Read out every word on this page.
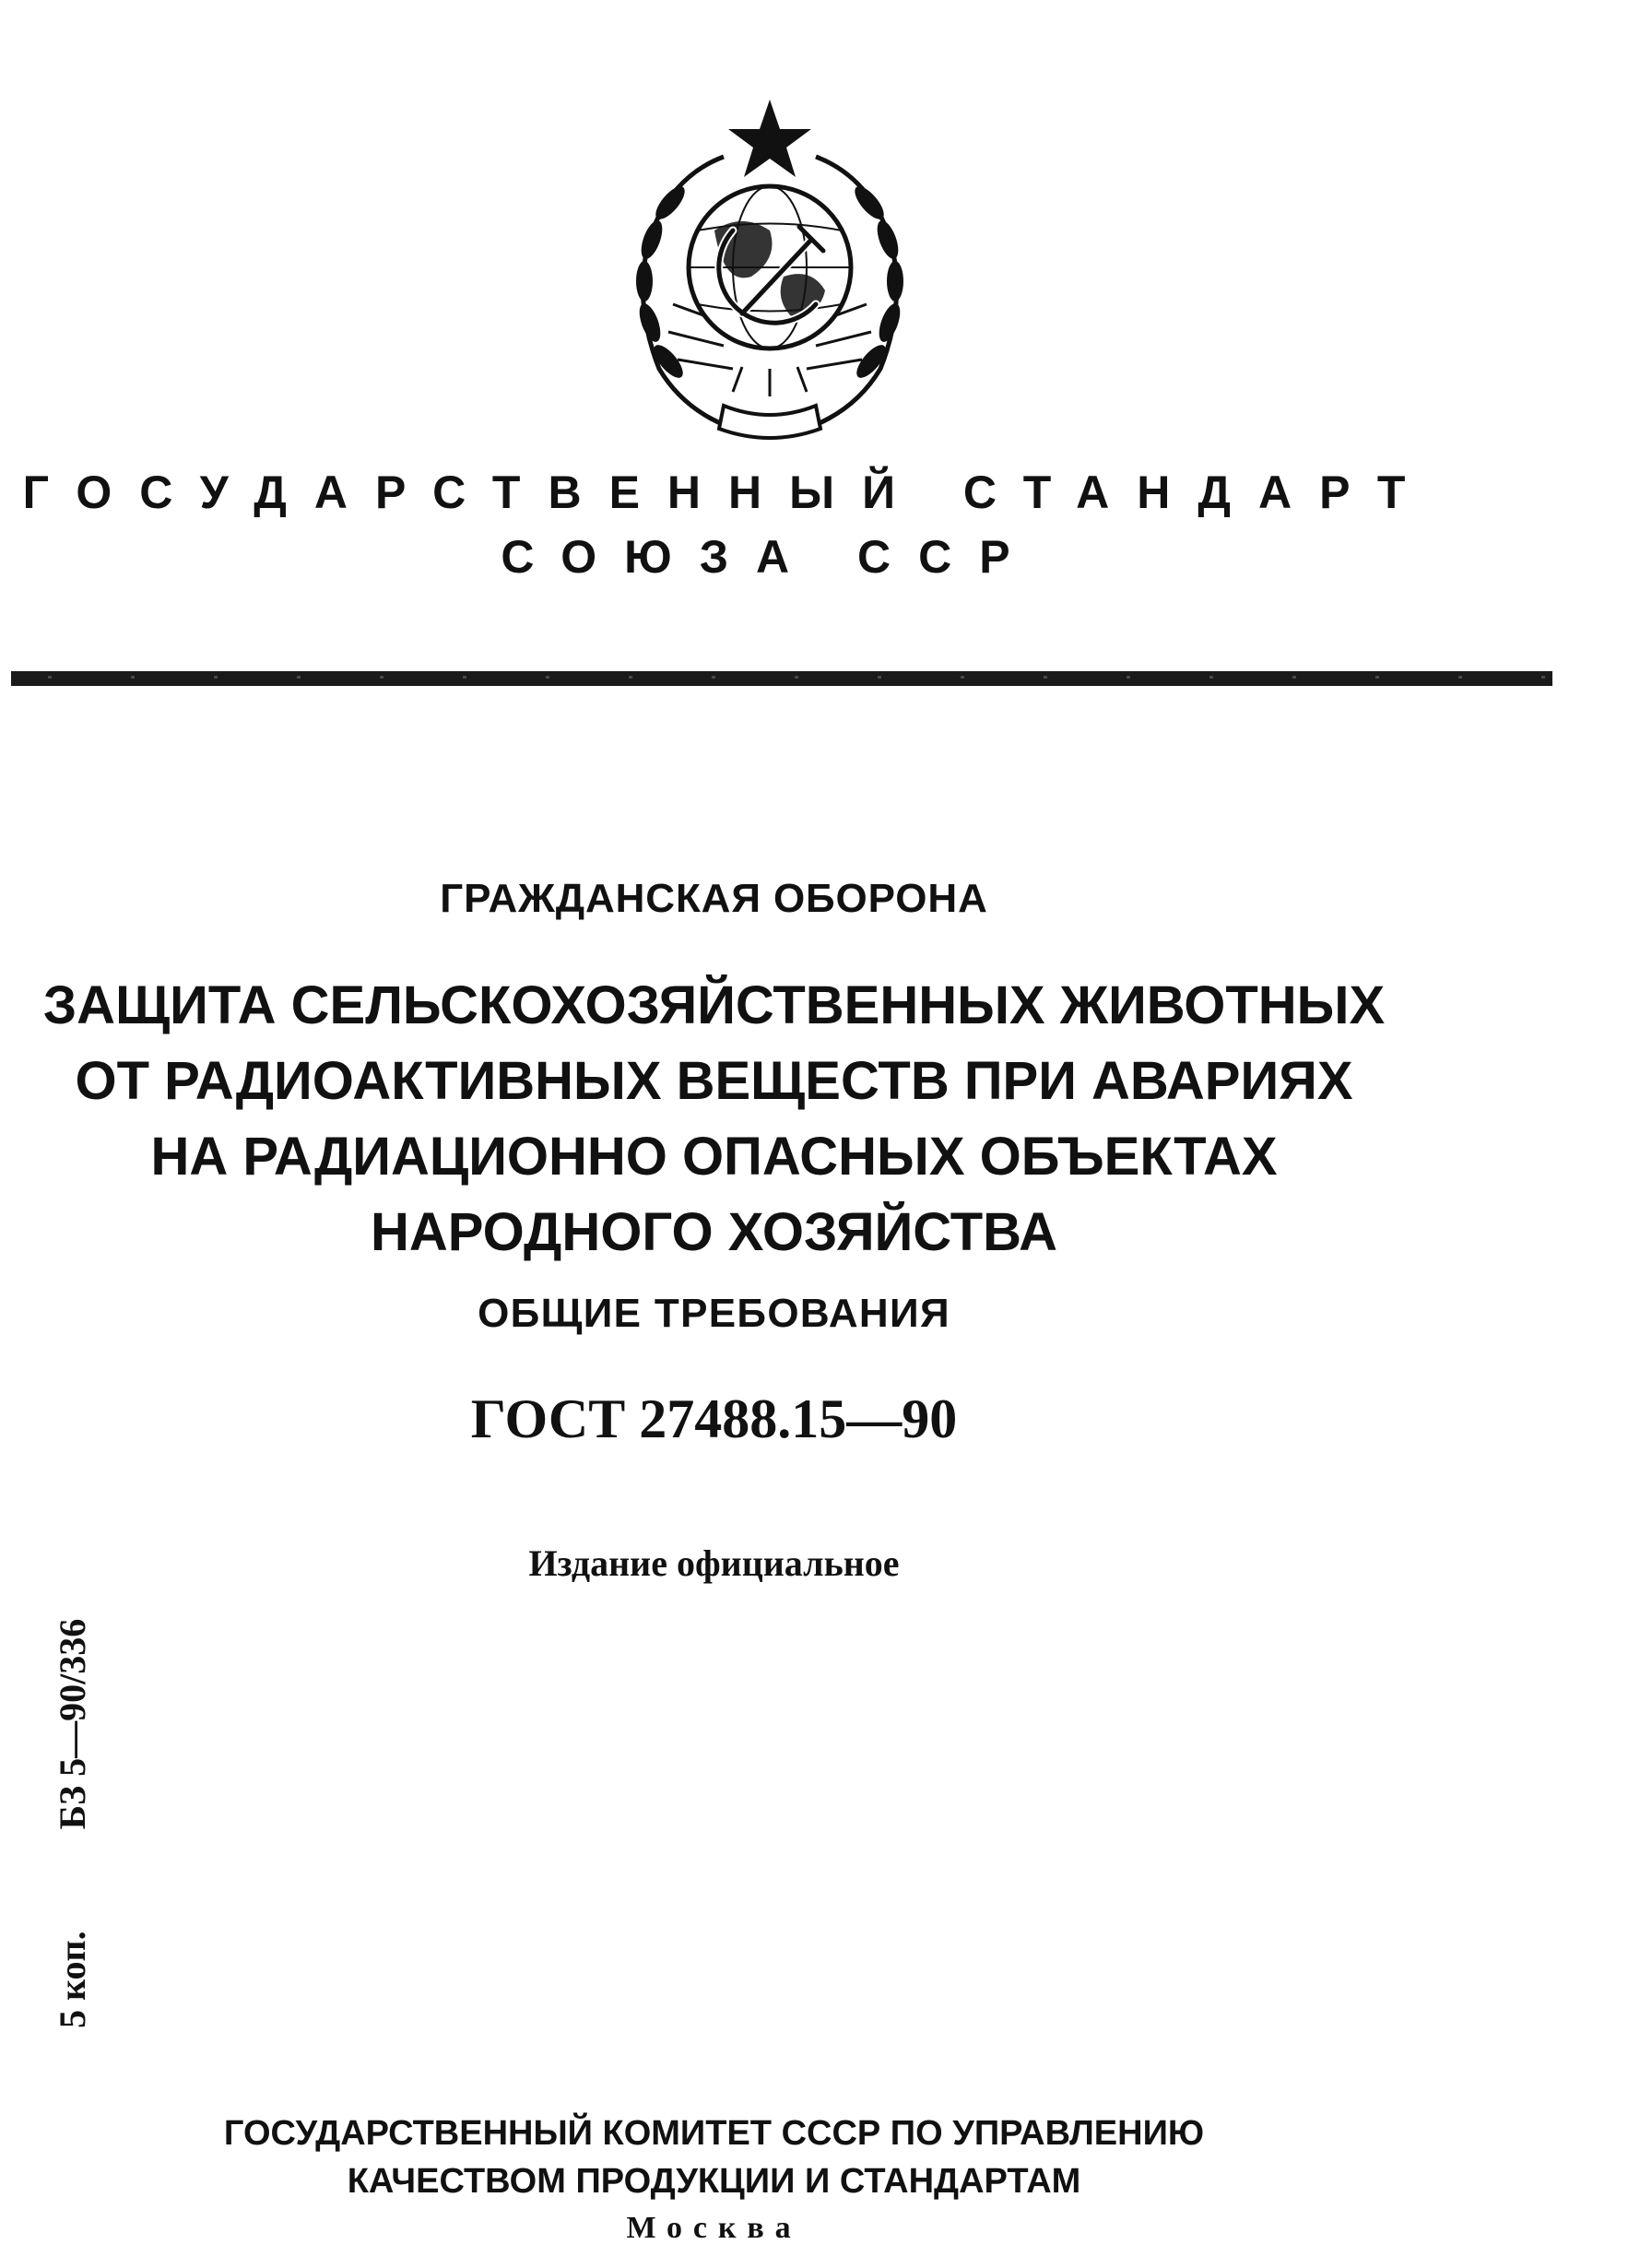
ГОСУДАРСТВЕННЫЙ СТАНДАРТ
СОЮЗА ССР
ГРАЖДАНСКАЯ ОБОРОНА
ЗАЩИТА СЕЛЬСКОХОЗЯЙСТВЕННЫХ ЖИВОТНЫХ
ОТ РАДИОАКТИВНЫХ ВЕЩЕСТВ ПРИ АВАРИЯХ
НА РАДИАЦИОННО ОПАСНЫХ ОБЪЕКТАХ
НАРОДНОГО ХОЗЯЙСТВА
ОБЩИЕ ТРЕБОВАНИЯ
ГОСТ 27488.15—90
Издание официальное
5 коп.БЗ 5—90/336
ГОСУДАРСТВЕННЫЙ КОМИТЕТ СССР ПО УПРАВЛЕНИЮ
КАЧЕСТВОМ ПРОДУКЦИИ И СТАНДАРТАМ
Москва
